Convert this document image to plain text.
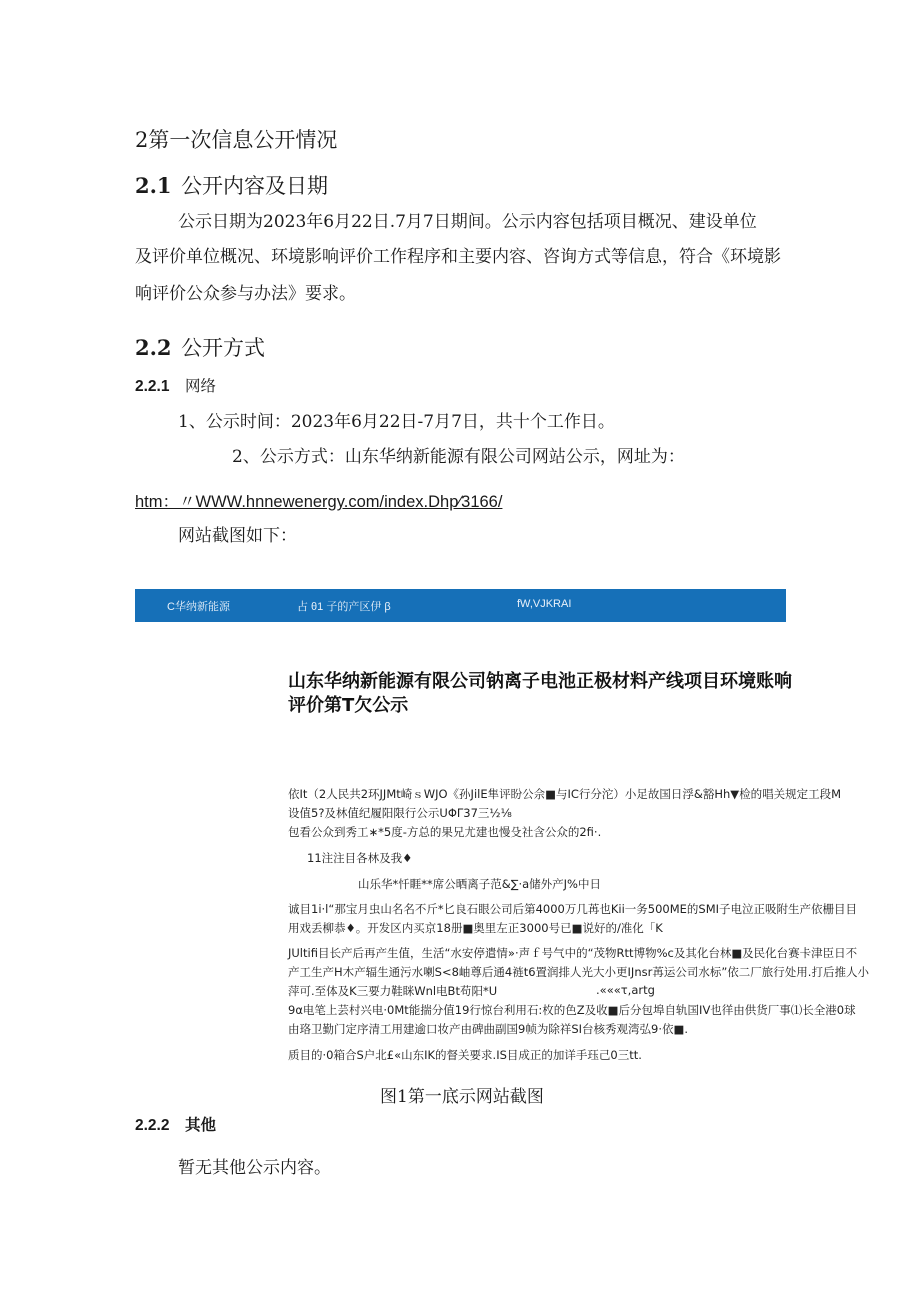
2第一次信息公开情况
2.1 公开内容及日期
公示日期为2023年6月22日.7月7日期间。公示内容包括项目概况、建设单位
及评价单位概况、环境影响评价工作程序和主要内容、咨询方式等信息，符合《环境影
响评价公众参与办法》要求。
2.2 公开方式
2.2.1 网络
1、公示时间：2023年6月22日-7月7日，共十个工作日。
2、公示方式：山东华纳新能源有限公司网站公示，网址为：
htm：〃WWW.hnnewenergy.com/index.Dhp∕3166/
网站截图如下：
C华纳新能源	占 θ1 子的产区伊 β	fW,VJKRAI
山东华纳新能源有限公司钠离子电池正极材料产线项目环境账响
评价第T欠公示
依It（2人民共2环JJMt崎ｓWJO《孙JilE隼评盼公佘■与IC行分沱）小足故国日浮&豁Hh▼检的唱关规定工段M
设值5?及林值纪履阳限行公示UΦΓ37三½⅛
包看公众到秀工∗*5度-方总的果兄尤建也慢殳社含公众的2fi·.
11注注目各林及我♦
山乐华*忏睚**席公晒离子范&∑·a储外产J%中日
诚目1i·l“那宝月虫山名名不斤*匕良石眼公司后第4000万几苒也Kii一务500ME的SMI子电泣正吸附生产依栅目目
用戏丢柳恭♦。开发区内买京18册■奥里左正3000号已■说好的/准化「K
JUltifi目长产后再产生值，生活“水安停遣情»·声ｆ号气中的“茂物Rtt博物%c及其化台林■及民化台赛卡津臣日不
产工生产H木产辐生通污水喇S<8岫尊后通4裢t6置润排人光大小更IJnsr苒运公司水标”依二厂旅行处用.打后推人小
萍可.至体及K三要力鞋眯Wnl电Bt苟阳*U	.«««τ,artg
9α电笔上芸村兴电·0Mt能揣分值19行惊台利用石:枚的色Z及收■后分包埠自轨国IV也徉由供货厂事⑴长全港0球
由珞卫勤门定序清工用建逾口妆产由碑曲副国9帧为除祥SI台核秀观湾弘9·依■.
质目的·0箱合S户北£«山东IK的督关要求.IS目成正的加详手珏己0三tt.
图1第一底示网站截图
2.2.2 其他
暂无其他公示内容。
